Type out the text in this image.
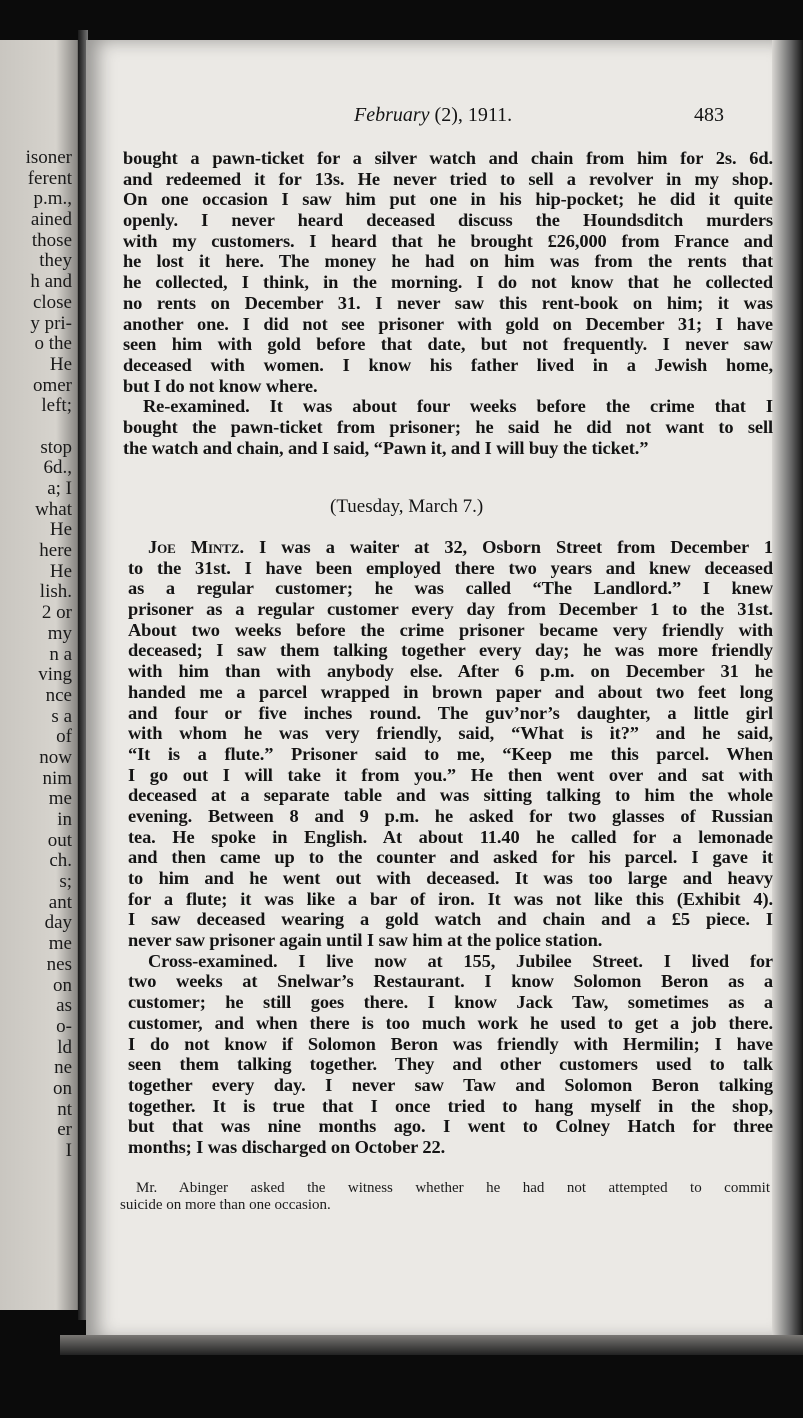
isoner
ferent
p.m.,
ained
those
they
h and
close
y pri-
o the
He
omer
left;
stop
6d.,
a; I
what
He
here
He
lish.
2 or
my
n a
ving
nce
s a
of
now
nim
me
in
out
ch.
s;
ant
day
me
nes
on
as
o-
ld
ne
on
nt
er
I
February (2), 1911.	483
bought a pawn-ticket for a silver watch and chain from him for 2s. 6d.
and redeemed it for 13s. He never tried to sell a revolver in my shop.
On one occasion I saw him put one in his hip-pocket; he did it quite
openly. I never heard deceased discuss the Houndsditch murders
with my customers. I heard that he brought £26,000 from France and
he lost it here. The money he had on him was from the rents that
he collected, I think, in the morning. I do not know that he collected
no rents on December 31. I never saw this rent-book on him; it was
another one. I did not see prisoner with gold on December 31; I have
seen him with gold before that date, but not frequently. I never saw
deceased with women. I know his father lived in a Jewish home,
but I do not know where.
Re-examined. It was about four weeks before the crime that I
bought the pawn-ticket from prisoner; he said he did not want to sell
the watch and chain, and I said, “Pawn it, and I will buy the ticket.”
(Tuesday, March 7.)
Joe Mintz. I was a waiter at 32, Osborn Street from December 1
to the 31st. I have been employed there two years and knew deceased
as a regular customer; he was called “The Landlord.” I knew
prisoner as a regular customer every day from December 1 to the 31st.
About two weeks before the crime prisoner became very friendly with
deceased; I saw them talking together every day; he was more friendly
with him than with anybody else. After 6 p.m. on December 31 he
handed me a parcel wrapped in brown paper and about two feet long
and four or five inches round. The guv’nor’s daughter, a little girl
with whom he was very friendly, said, “What is it?” and he said,
“It is a flute.” Prisoner said to me, “Keep me this parcel. When
I go out I will take it from you.” He then went over and sat with
deceased at a separate table and was sitting talking to him the whole
evening. Between 8 and 9 p.m. he asked for two glasses of Russian
tea. He spoke in English. At about 11.40 he called for a lemonade
and then came up to the counter and asked for his parcel. I gave it
to him and he went out with deceased. It was too large and heavy
for a flute; it was like a bar of iron. It was not like this (Exhibit 4).
I saw deceased wearing a gold watch and chain and a £5 piece. I
never saw prisoner again until I saw him at the police station.
Cross-examined. I live now at 155, Jubilee Street. I lived for
two weeks at Snelwar’s Restaurant. I know Solomon Beron as a
customer; he still goes there. I know Jack Taw, sometimes as a
customer, and when there is too much work he used to get a job there.
I do not know if Solomon Beron was friendly with Hermilin; I have
seen them talking together. They and other customers used to talk
together every day. I never saw Taw and Solomon Beron talking
together. It is true that I once tried to hang myself in the shop,
but that was nine months ago. I went to Colney Hatch for three
months; I was discharged on October 22.
Mr. Abinger asked the witness whether he had not attempted to commit
suicide on more than one occasion.
